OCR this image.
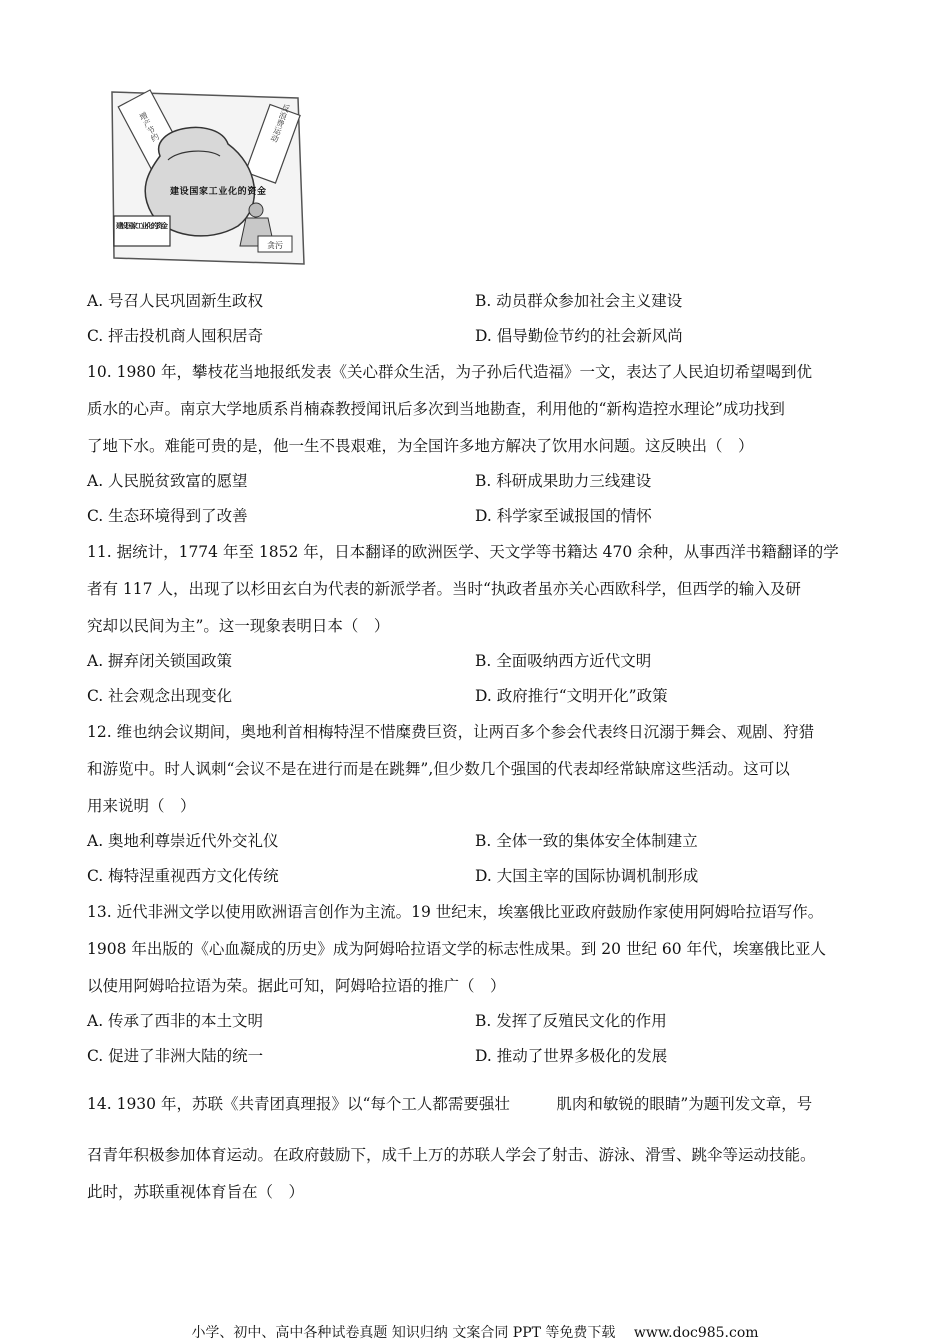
增产节约	反浪费运动
建设国家工业化的资金
建设国家工业化的资金
贪污
A. 号召人民巩固新生政权	B. 动员群众参加社会主义建设
C. 抨击投机商人囤积居奇	D. 倡导勤俭节约的社会新风尚
10. 1980 年，攀枝花当地报纸发表《关心群众生活，为子孙后代造福》一文，表达了人民迫切希望喝到优
质水的心声。南京大学地质系肖楠森教授闻讯后多次到当地勘查，利用他的“新构造控水理论”成功找到
了地下水。难能可贵的是，他一生不畏艰难，为全国许多地方解决了饮用水问题。这反映出（　）
A. 人民脱贫致富的愿望	B. 科研成果助力三线建设
C. 生态环境得到了改善	D. 科学家至诚报国的情怀
11. 据统计，1774 年至 1852 年，日本翻译的欧洲医学、天文学等书籍达 470 余种，从事西洋书籍翻译的学
者有 117 人，出现了以杉田玄白为代表的新派学者。当时“执政者虽亦关心西欧科学，但西学的输入及研
究却以民间为主”。这一现象表明日本（　）
A. 摒弃闭关锁国政策	B. 全面吸纳西方近代文明
C. 社会观念出现变化	D. 政府推行“文明开化”政策
12. 维也纳会议期间，奥地利首相梅特涅不惜糜费巨资，让两百多个参会代表终日沉溺于舞会、观剧、狩猎
和游览中。时人讽刺“会议不是在进行而是在跳舞”,但少数几个强国的代表却经常缺席这些活动。这可以
用来说明（　）
A. 奥地利尊崇近代外交礼仪	B. 全体一致的集体安全体制建立
C. 梅特涅重视西方文化传统	D. 大国主宰的国际协调机制形成
13. 近代非洲文学以使用欧洲语言创作为主流。19 世纪末，埃塞俄比亚政府鼓励作家使用阿姆哈拉语写作。
1908 年出版的《心血凝成的历史》成为阿姆哈拉语文学的标志性成果。到 20 世纪 60 年代，埃塞俄比亚人
以使用阿姆哈拉语为荣。据此可知，阿姆哈拉语的推广（　）
A. 传承了西非的本土文明	B. 发挥了反殖民文化的作用
C. 促进了非洲大陆的统一	D. 推动了世界多极化的发展
14. 1930 年，苏联《共青团真理报》以“每个工人都需要强壮　　　肌肉和敏锐的眼睛”为题刊发文章，号
召青年积极参加体育运动。在政府鼓励下，成千上万的苏联人学会了射击、游泳、滑雪、跳伞等运动技能。
此时，苏联重视体育旨在（　）
小学、初中、高中各种试卷真题 知识归纳 文案合同 PPT 等免费下载　 www.doc985.com
